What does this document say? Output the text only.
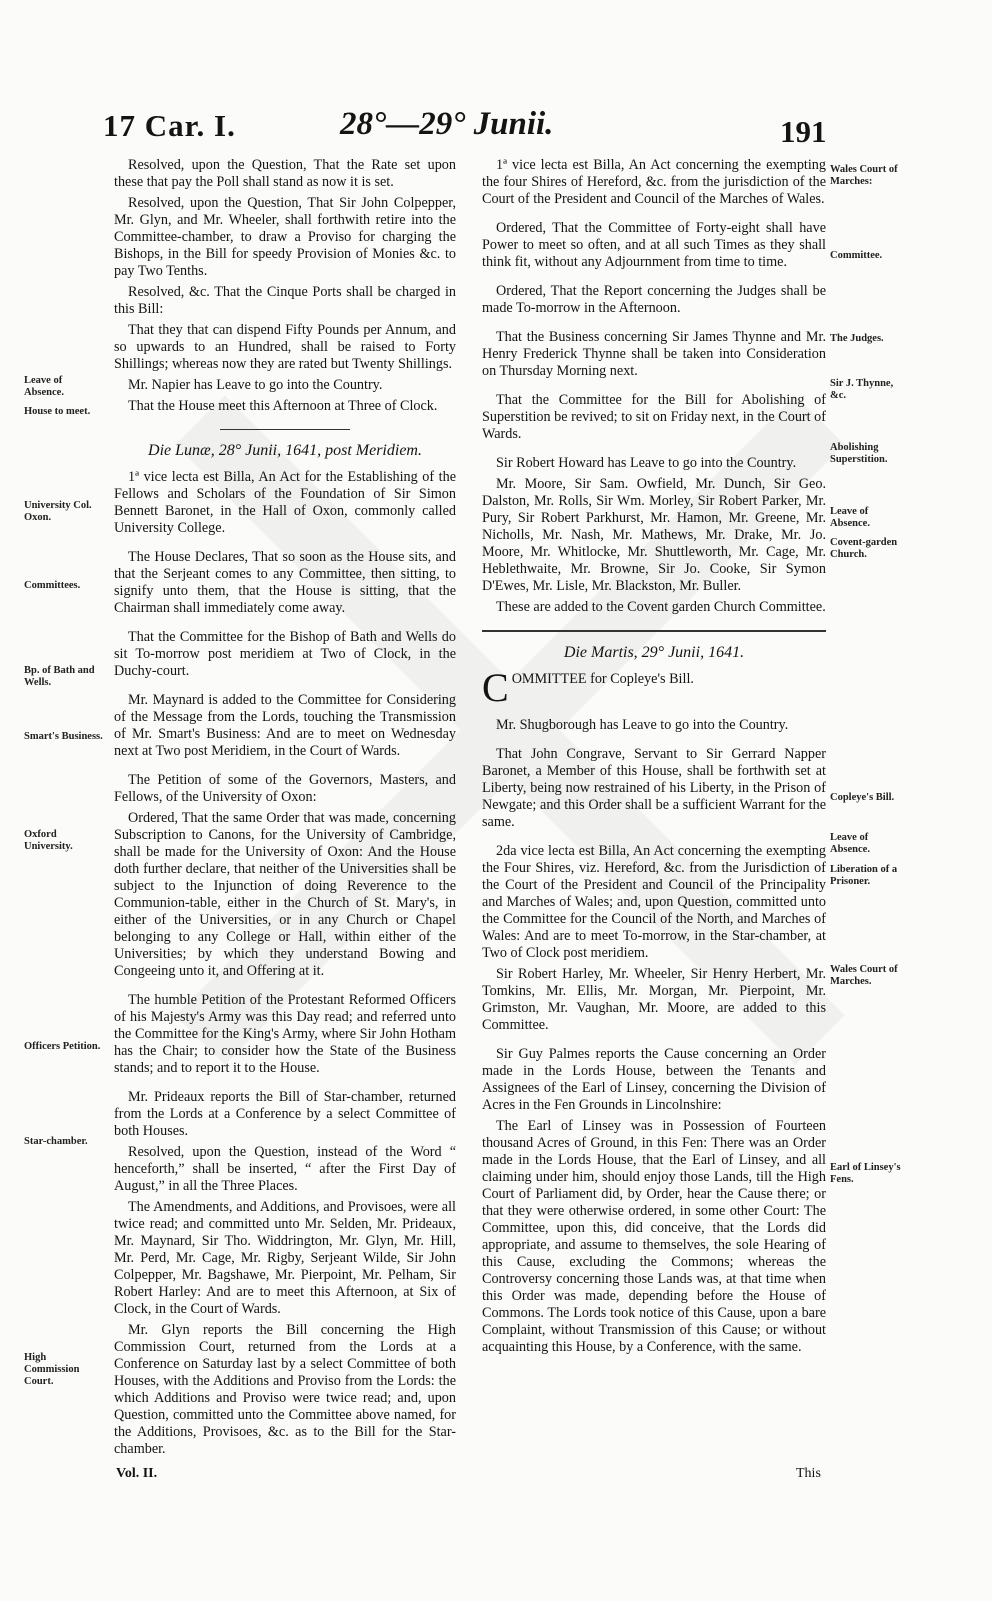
17 Car. I.	28°—29° Junii.	191

Resolved, upon the Question, That the Rate set upon these that pay the Poll shall stand as now it is set.

Resolved, upon the Question, That Sir John Colpepper, Mr. Glyn, and Mr. Wheeler, shall forthwith retire into the Committee-chamber, to draw a Proviso for charging the Bishops, in the Bill for speedy Provision of Monies &c. to pay Two Tenths.

Resolved, &c. That the Cinque Ports shall be charged in this Bill:

That they that can dispend Fifty Pounds per Annum, and so upwards to an Hundred, shall be raised to Forty Shillings; whereas now they are rated but Twenty Shillings.

Mr. Napier has Leave to go into the Country.

That the House meet this Afternoon at Three of Clock.

Die Lunæ, 28° Junii, 1641, post Meridiem.

1ª vice lecta est Billa, An Act for the Establishing of the Fellows and Scholars of the Foundation of Sir Simon Bennett Baronet, in the Hall of Oxon, commonly called University College.

The House Declares, That so soon as the House sits, and that the Serjeant comes to any Committee, then sitting, to signify unto them, that the House is sitting, that the Chairman shall immediately come away.

That the Committee for the Bishop of Bath and Wells do sit To-morrow post meridiem at Two of Clock, in the Duchy-court.

Mr. Maynard is added to the Committee for Considering of the Message from the Lords, touching the Transmission of Mr. Smart's Business: And are to meet on Wednesday next at Two post Meridiem, in the Court of Wards.

The Petition of some of the Governors, Masters, and Fellows, of the University of Oxon:

Ordered, That the same Order that was made, concerning Subscription to Canons, for the University of Cambridge, shall be made for the University of Oxon: And the House doth further declare, that neither of the Universities shall be subject to the Injunction of doing Reverence to the Communion-table, either in the Church of St. Mary's, in either of the Universities, or in any Church or Chapel belonging to any College or Hall, within either of the Universities; by which they understand Bowing and Congeeing unto it, and Offering at it.

The humble Petition of the Protestant Reformed Officers of his Majesty's Army was this Day read; and referred unto the Committee for the King's Army, where Sir John Hotham has the Chair; to consider how the State of the Business stands; and to report it to the House.

Mr. Prideaux reports the Bill of Star-chamber, returned from the Lords at a Conference by a select Committee of both Houses.

Resolved, upon the Question, instead of the Word “ henceforth,” shall be inserted, “ after the First Day of August,” in all the Three Places.

The Amendments, and Additions, and Provisoes, were all twice read; and committed unto Mr. Selden, Mr. Prideaux, Mr. Maynard, Sir Tho. Widdrington, Mr. Glyn, Mr. Hill, Mr. Perd, Mr. Cage, Mr. Rigby, Serjeant Wilde, Sir John Colpepper, Mr. Bagshawe, Mr. Pierpoint, Mr. Pelham, Sir Robert Harley: And are to meet this Afternoon, at Six of Clock, in the Court of Wards.

Mr. Glyn reports the Bill concerning the High Commission Court, returned from the Lords at a Conference on Saturday last by a select Committee of both Houses, with the Additions and Proviso from the Lords: the which Additions and Proviso were twice read; and, upon Question, committed unto the Committee above named, for the Additions, Provisoes, &c. as to the Bill for the Star-chamber.

1ª vice lecta est Billa, An Act concerning the exempting the four Shires of Hereford, &c. from the jurisdiction of the Court of the President and Council of the Marches of Wales.

Ordered, That the Committee of Forty-eight shall have Power to meet so often, and at all such Times as they shall think fit, without any Adjournment from time to time.

Ordered, That the Report concerning the Judges shall be made To-morrow in the Afternoon.

That the Business concerning Sir James Thynne and Mr. Henry Frederick Thynne shall be taken into Consideration on Thursday Morning next.

That the Committee for the Bill for Abolishing of Superstition be revived; to sit on Friday next, in the Court of Wards.

Sir Robert Howard has Leave to go into the Country.

Mr. Moore, Sir Sam. Owfield, Mr. Dunch, Sir Geo. Dalston, Mr. Rolls, Sir Wm. Morley, Sir Robert Parker, Mr. Pury, Sir Robert Parkhurst, Mr. Hamon, Mr. Greene, Mr. Nicholls, Mr. Nash, Mr. Mathews, Mr. Drake, Mr. Jo. Moore, Mr. Whitlocke, Mr. Shuttleworth, Mr. Cage, Mr. Heblethwaite, Mr. Browne, Sir Jo. Cooke, Sir Symon D'Ewes, Mr. Lisle, Mr. Blackston, Mr. Buller.

These are added to the Covent garden Church Committee.

Die Martis, 29° Junii, 1641.

COMMITTEE for Copleye's Bill.

Mr. Shugborough has Leave to go into the Country.

That John Congrave, Servant to Sir Gerrard Napper Baronet, a Member of this House, shall be forthwith set at Liberty, being now restrained of his Liberty, in the Prison of Newgate; and this Order shall be a sufficient Warrant for the same.

2da vice lecta est Billa, An Act concerning the exempting the Four Shires, viz. Hereford, &c. from the Jurisdiction of the Court of the President and Council of the Principality and Marches of Wales; and, upon Question, committed unto the Committee for the Council of the North, and Marches of Wales: And are to meet To-morrow, in the Star-chamber, at Two of Clock post meridiem.

Sir Robert Harley, Mr. Wheeler, Sir Henry Herbert, Mr. Tomkins, Mr. Ellis, Mr. Morgan, Mr. Pierpoint, Mr. Grimston, Mr. Vaughan, Mr. Moore, are added to this Committee.

Sir Guy Palmes reports the Cause concerning an Order made in the Lords House, between the Tenants and Assignees of the Earl of Linsey, concerning the Division of Acres in the Fen Grounds in Lincolnshire:

The Earl of Linsey was in Possession of Fourteen thousand Acres of Ground, in this Fen: There was an Order made in the Lords House, that the Earl of Linsey, and all claiming under him, should enjoy those Lands, till the High Court of Parliament did, by Order, hear the Cause there; or that they were otherwise ordered, in some other Court: The Committee, upon this, did conceive, that the Lords did appropriate, and assume to themselves, the sole Hearing of this Cause, excluding the Commons; whereas the Controversy concerning those Lands was, at that time when this Order was made, depending before the House of Commons. The Lords took notice of this Cause, upon a bare Complaint, without Transmission of this Cause; or without acquainting this House, by a Conference, with the same.

Leave of Absence.
House to meet.
University Col. Oxon.
Committees.
Bp. of Bath and Wells.
Smart's Business.
Oxford University.
Officers Petition.
Star-chamber.
High Commission Court.
Wales Court of Marches:
Committee.
The Judges.
Sir J. Thynne, &c.
Abolishing Superstition.
Leave of Absence.
Covent-garden Church.
Copleye's Bill.
Leave of Absence.
Liberation of a Prisoner.
Wales Court of Marches.
Earl of Linsey's Fens.
Vol. II.	This
